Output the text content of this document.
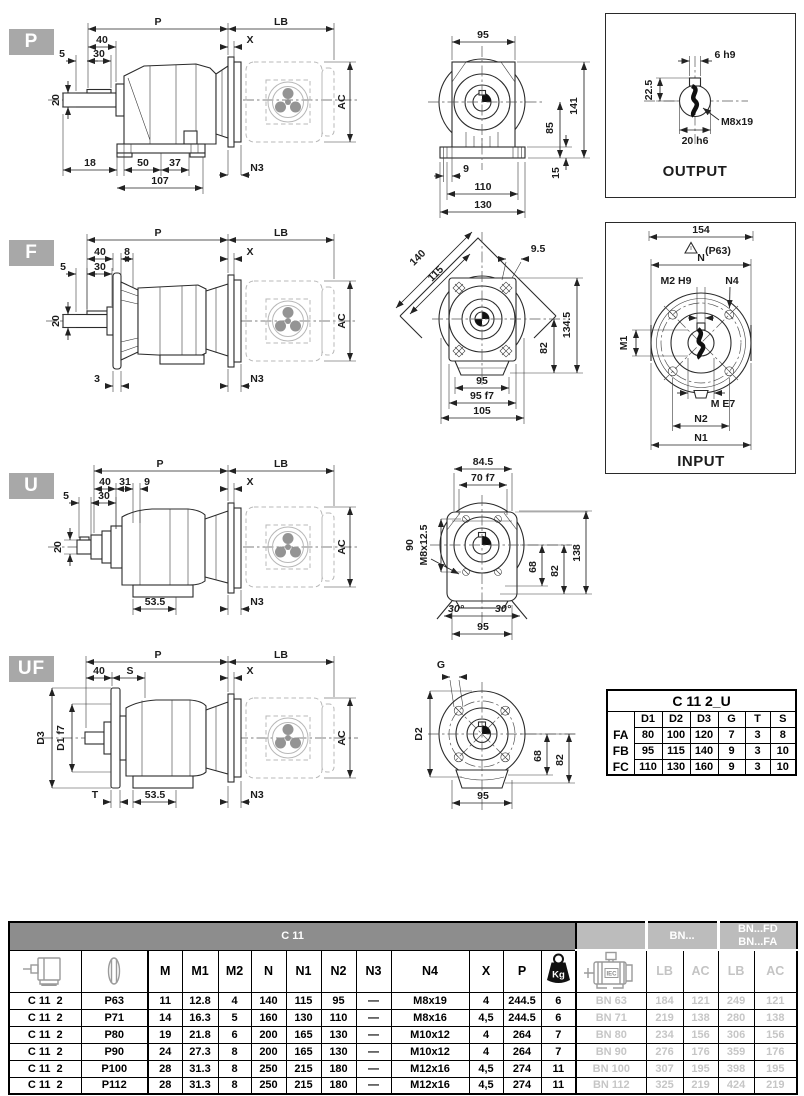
P
F
U
UF
P	LB
40	X
5	30
20	AC
18	50 37
107
N3
95
141
85
15
9
110
130
6 h9
22.5
M8x19
20 h6
OUTPUT
P	LB
40 8	X
5	30
20	AC
3	N3
140
115
9.5
134.5
82
95
95 f7
105
154
(P63)
N
M2 H9	N4
M1
M E7
N2
N1
INPUT
P	LB
40 31 9	X
5	30
20	AC
53.5	N3
84.5
70 f7
90 M8x12.5
68 82
138
30°	30°
95
P	LB
40 S	X
D3 D1 f7	AC
T	53.5	N3
G
D2
68 82
95
C 11 2_U						
	D1	D2	D3	G	T	S
FA	80	100	120	7	3	8
FB	95	115	140	9	3	10
FC	110	130	160	9	3	10
C 11														BN...		BN...FD
BN...FA	

		M	M1	M2	N	N1	N2	N3	N4	X	P	Kg	IEC	LB	AC	LB	AC
C 11  2	P63	11	12.8	4	140	115	95	—	M8x19	4	244.5	6	BN 63	184	121	249	121
C 11  2	P71	14	16.3	5	160	130	110	—	M8x16	4,5	244.5	6	BN 71	219	138	280	138
C 11  2	P80	19	21.8	6	200	165	130	—	M10x12	4	264	7	BN 80	234	156	306	156
C 11  2	P90	24	27.3	8	200	165	130	—	M10x12	4	264	7	BN 90	276	176	359	176
C 11  2	P100	28	31.3	8	250	215	180	—	M12x16	4,5	274	11	BN 100	307	195	398	195
C 11  2	P112	28	31.3	8	250	215	180	—	M12x16	4,5	274	11	BN 112	325	219	424	219
